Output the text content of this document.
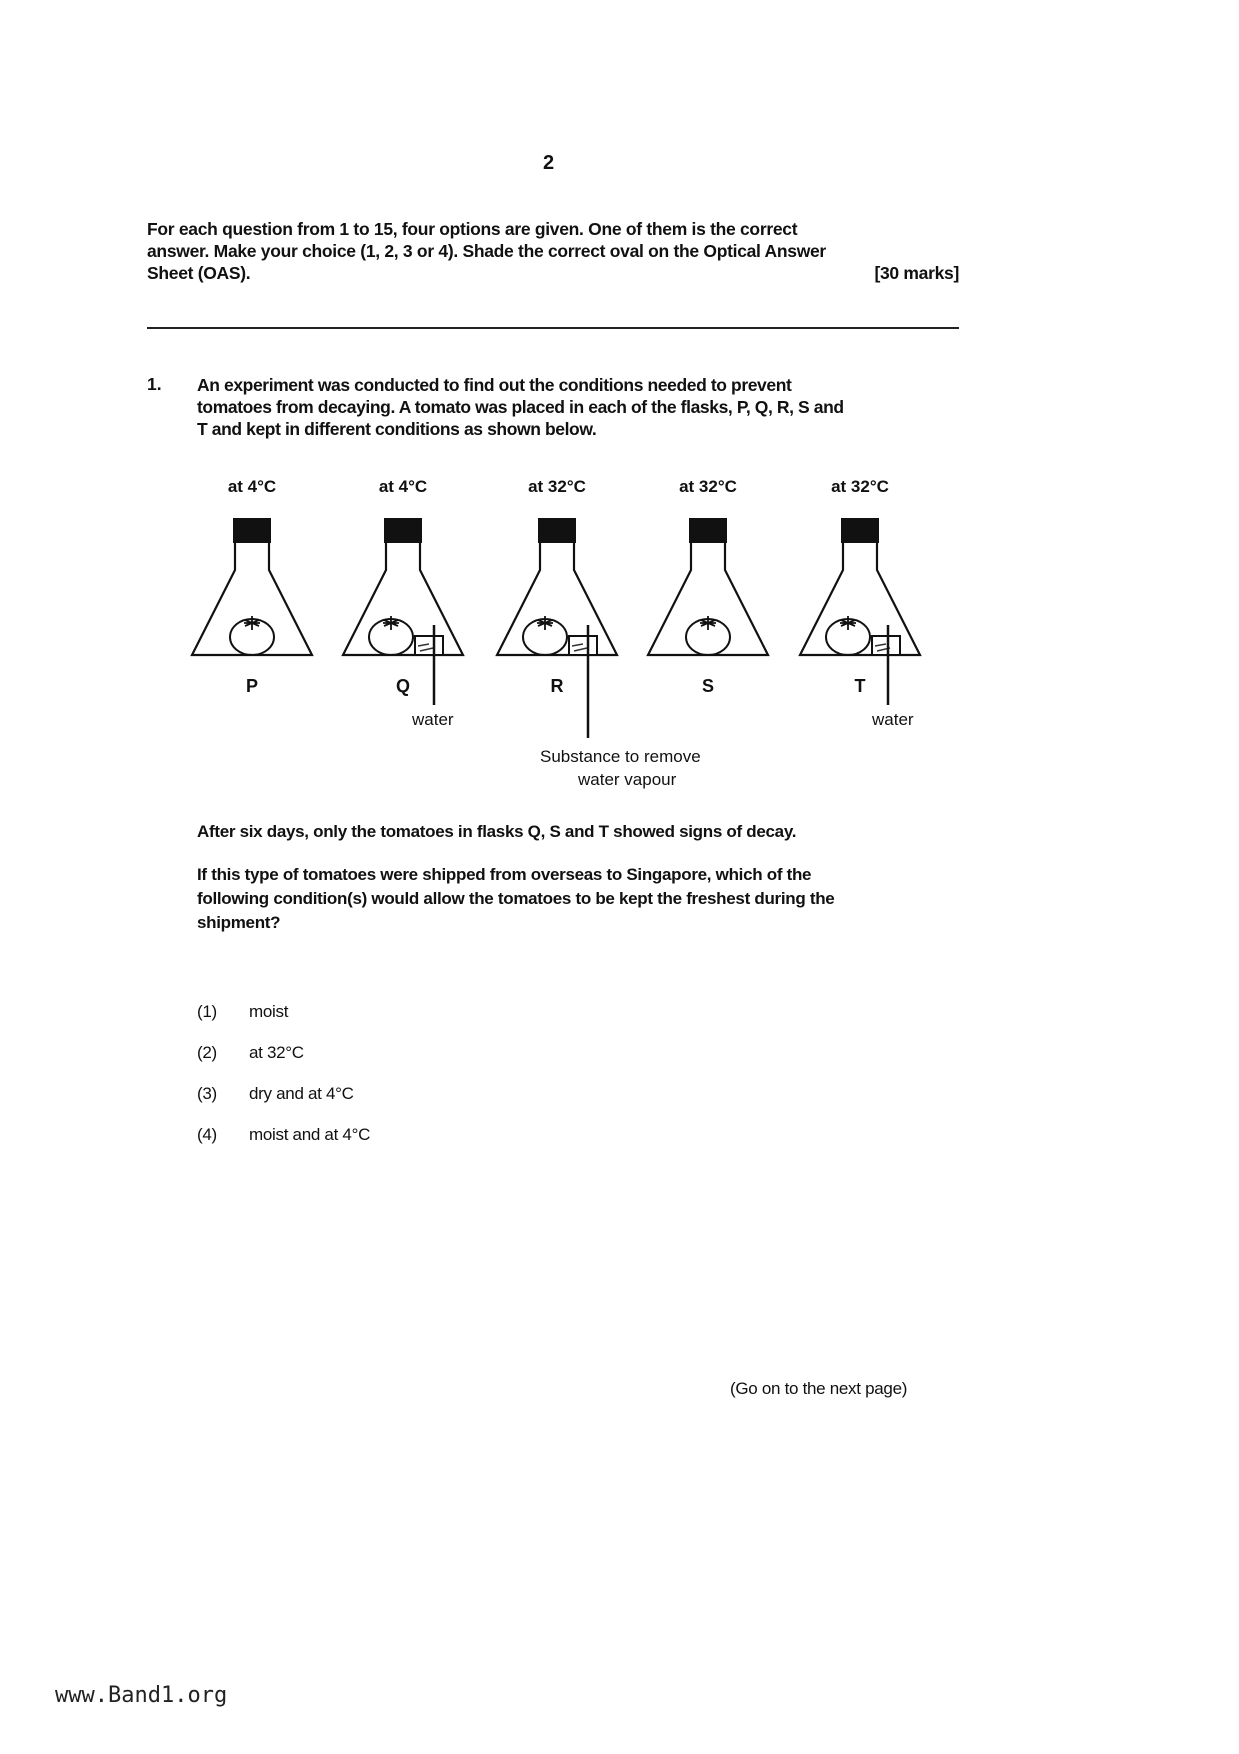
2
For each question from 1 to 15, four options are given. One of them is the correct
answer. Make your choice (1, 2, 3 or 4). Shade the correct oval on the Optical Answer
Sheet (OAS).	[30 marks]
1. An experiment was conducted to find out the conditions needed to prevent
tomatoes from decaying. A tomato was placed in each of the flasks, P, Q, R, S and
T and kept in different conditions as shown below.
at 4°C
P
at 4°C
Q
at 32°C
R
at 32°C
S
at 32°C
T
water
Substance to remove
water vapour
water
After six days, only the tomatoes in flasks Q, S and T showed signs of decay.
If this type of tomatoes were shipped from overseas to Singapore, which of the
following condition(s) would allow the tomatoes to be kept the freshest during the
shipment?
(1) moist
(2) at 32°C
(3) dry and at 4°C
(4) moist and at 4°C
(Go on to the next page)
www.Band1.org
